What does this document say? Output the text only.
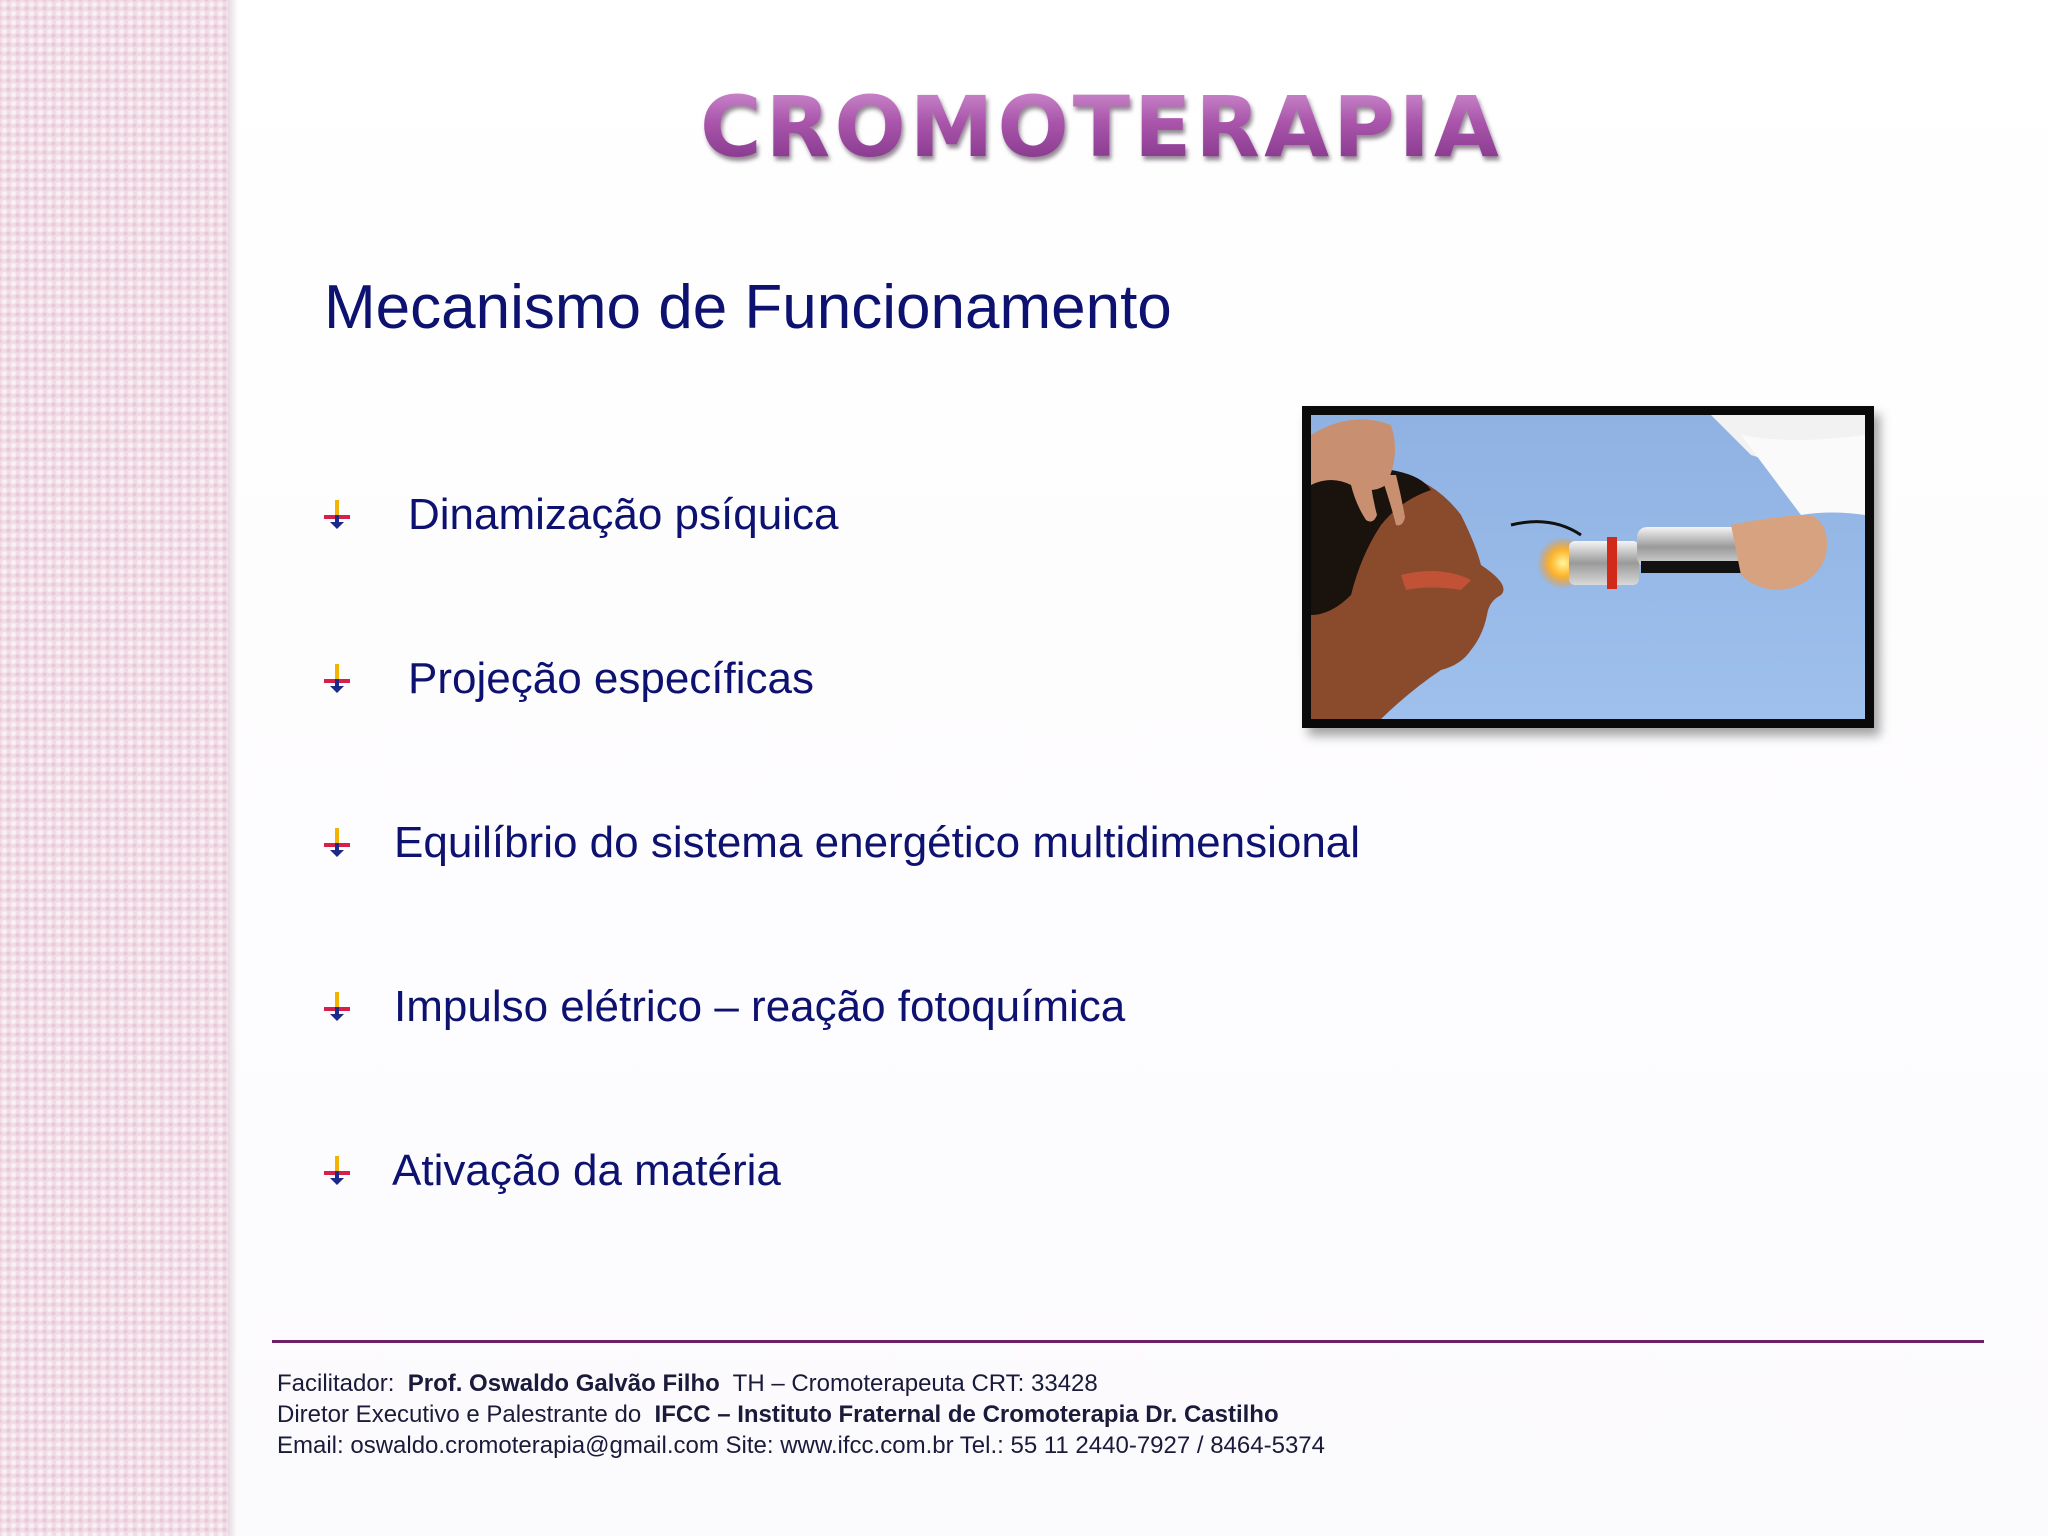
CROMOTERAPIA
Mecanismo de Funcionamento
Dinamização psíquica
Projeção específicas
Equilíbrio do sistema energético multidimensional
Impulso elétrico – reação fotoquímica
Ativação da matéria
Facilitador: Prof. Oswaldo Galvão Filho TH – Cromoterapeuta CRT: 33428
Diretor Executivo e Palestrante do IFCC – Instituto Fraternal de Cromoterapia Dr. Castilho
Email: oswaldo.cromoterapia@gmail.com Site: www.ifcc.com.br Tel.: 55 11 2440-7927 / 8464-5374
